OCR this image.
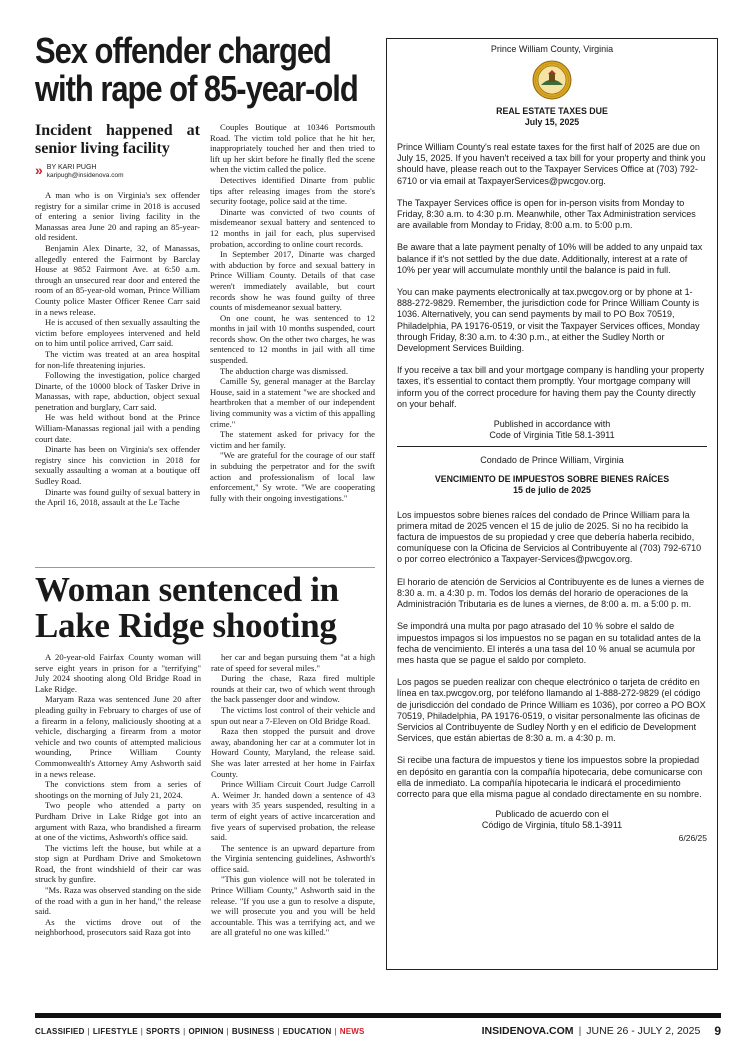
Sex offender charged with rape of 85-year-old
Incident happened at senior living facility
» BY KARI PUGH
karipugh@insidenova.com

A man who is on Virginia's sex offender registry for a similar crime in 2018 is accused of entering a senior living facility in the Manassas area June 20 and raping an 85-year-old resident.

Benjamin Alex Dinarte, 32, of Manassas, allegedly entered the Fairmont by Barclay House at 9852 Fairmont Ave. at 6:50 a.m. through an unsecured rear door and entered the room of an 85-year-old woman, Prince William County police Master Officer Renee Carr said in a news release.

He is accused of then sexually assaulting the victim before employees intervened and held on to him until police arrived, Carr said.

The victim was treated at an area hospital for non-life threatening injuries.

Following the investigation, police charged Dinarte, of the 10000 block of Tasker Drive in Manassas, with rape, abduction, object sexual penetration and burglary, Carr said.

He was held without bond at the Prince William-Manassas regional jail with a pending court date.

Dinarte has been on Virginia's sex offender registry since his conviction in 2018 for sexually assaulting a woman at a boutique off Sudley Road.

Dinarte was found guilty of sexual battery in the April 16, 2018, assault at the Le Tache

Couples Boutique at 10346 Portsmouth Road. The victim told police that he hit her, inappropriately touched her and then tried to lift up her skirt before he finally fled the scene when the victim called the police.

Detectives identified Dinarte from public tips after releasing images from the store's security footage, police said at the time.

Dinarte was convicted of two counts of misdemeanor sexual battery and sentenced to 12 months in jail for each, plus supervised probation, according to online court records.

In September 2017, Dinarte was charged with abduction by force and sexual battery in Prince William County. Details of that case weren't immediately available, but court records show he was found guilty of three counts of misdemeanor sexual battery.

On one count, he was sentenced to 12 months in jail with 10 months suspended, court records show. On the other two charges, he was sentenced to 12 months in jail with all time suspended.

The abduction charge was dismissed.

Camille Sy, general manager at the Barclay House, said in a statement "we are shocked and heartbroken that a member of our independent living community was a victim of this appalling crime."

The statement asked for privacy for the victim and her family.

"We are grateful for the courage of our staff in subduing the perpetrator and for the swift action and professionalism of local law enforcement," Sy wrote. "We are cooperating fully with their ongoing investigations."

Woman sentenced in Lake Ridge shooting

A 20-year-old Fairfax County woman will serve eight years in prison for a "terrifying" July 2024 shooting along Old Bridge Road in Lake Ridge.

Maryam Raza was sentenced June 20 after pleading guilty in February to charges of use of a firearm in a felony, maliciously shooting at a vehicle, discharging a firearm from a motor vehicle and two counts of attempted malicious wounding, Prince William County Commonwealth's Attorney Amy Ashworth said in a news release.

The convictions stem from a series of shootings on the morning of July 21, 2024.

Two people who attended a party on Purdham Drive in Lake Ridge got into an argument with Raza, who brandished a firearm at one of the victims, Ashworth's office said.

The victims left the house, but while at a stop sign at Purdham Drive and Smoketown Road, the front windshield of their car was struck by gunfire.

"Ms. Raza was observed standing on the side of the road with a gun in her hand," the release said.

As the victims drove out of the neighborhood, prosecutors said Raza got into

her car and began pursuing them "at a high rate of speed for several miles."

During the chase, Raza fired multiple rounds at their car, two of which went through the back passenger door and window.

The victims lost control of their vehicle and spun out near a 7-Eleven on Old Bridge Road.

Raza then stopped the pursuit and drove away, abandoning her car at a commuter lot in Howard County, Maryland, the release said. She was later arrested at her home in Fairfax County.

Prince William Circuit Court Judge Carroll A. Weimer Jr. handed down a sentence of 43 years with 35 years suspended, resulting in a term of eight years of active incarceration and five years of supervised probation, the release said.

The sentence is an upward departure from the Virginia sentencing guidelines, Ashworth's office said.

"This gun violence will not be tolerated in Prince William County," Ashworth said in the release. "If you use a gun to resolve a dispute, we will prosecute you and you will be held accountable. This was a terrifying act, and we are all grateful no one was killed."

Prince William County, Virginia
REAL ESTATE TAXES DUE
July 15, 2025

Prince William County's real estate taxes for the first half of 2025 are due on July 15, 2025. If you haven't received a tax bill for your property and think you should have, please reach out to the Taxpayer Services Office at (703) 792-6710 or via email at TaxpayerServices@pwcgov.org.

The Taxpayer Services office is open for in-person visits from Monday to Friday, 8:30 a.m. to 4:30 p.m. Meanwhile, other Tax Administration services are available from Monday to Friday, 8:00 a.m. to 5:00 p.m.

Be aware that a late payment penalty of 10% will be added to any unpaid tax balance if it's not settled by the due date. Additionally, interest at a rate of 10% per year will accumulate monthly until the balance is paid in full.

You can make payments electronically at tax.pwcgov.org or by phone at 1-888-272-9829. Remember, the jurisdiction code for Prince William County is 1036. Alternatively, you can send payments by mail to PO Box 70519, Philadelphia, PA 19176-0519, or visit the Taxpayer Services offices, Monday through Friday, 8:30 a.m. to 4:30 p.m., at either the Sudley North or Development Services Building.

If you receive a tax bill and your mortgage company is handling your property taxes, it's essential to contact them promptly. Your mortgage company will inform you of the correct procedure for having them pay the County directly on your behalf.

Published in accordance with
Code of Virginia Title 58.1-3911
Condado de Prince William, Virginia
VENCIMIENTO DE IMPUESTOS SOBRE BIENES RAÍCES
15 de julio de 2025

Los impuestos sobre bienes raíces del condado de Prince William para la primera mitad de 2025 vencen el 15 de julio de 2025. Si no ha recibido la factura de impuestos de su propiedad y cree que debería haberla recibido, comuníquese con la Oficina de Servicios al Contribuyente al (703) 792-6710 o por correo electrónico a Taxpayer-Services@pwcgov.org.

El horario de atención de Servicios al Contribuyente es de lunes a viernes de 8:30 a. m. a 4:30 p. m. Todos los demás del horario de operaciones de la Administración Tributaria es de lunes a viernes, de 8:00 a. m. a 5:00 p. m.

Se impondrá una multa por pago atrasado del 10 % sobre el saldo de impuestos impagos si los impuestos no se pagan en su totalidad antes de la fecha de vencimiento. El interés a una tasa del 10 % anual se acumula por mes hasta que se pague el saldo por completo.

Los pagos se pueden realizar con cheque electrónico o tarjeta de crédito en línea en tax.pwcgov.org, por teléfono llamando al 1-888-272-9829 (el código de jurisdicción del condado de Prince William es 1036), por correo a PO BOX 70519, Philadelphia, PA 19176-0519, o visitar personalmente las oficinas de Servicios al Contribuyente de Sudley North y en el edificio de Development Services, que están abiertas de 8:30 a. m. a 4:30 p. m.

Si recibe una factura de impuestos y tiene los impuestos sobre la propiedad en depósito en garantía con la compañía hipotecaria, debe comunicarse con ella de inmediato. La compañía hipotecaria le indicará el procedimiento correcto para que ella misma pague al condado directamente en su nombre.

Publicado de acuerdo con el
Código de Virginia, título 58.1-3911
6/26/25
CLASSIFIED | LIFESTYLE | SPORTS | OPINION | BUSINESS | EDUCATION | NEWS	INSIDENOVA.COM | JUNE 26 - JULY 2, 2025 9
